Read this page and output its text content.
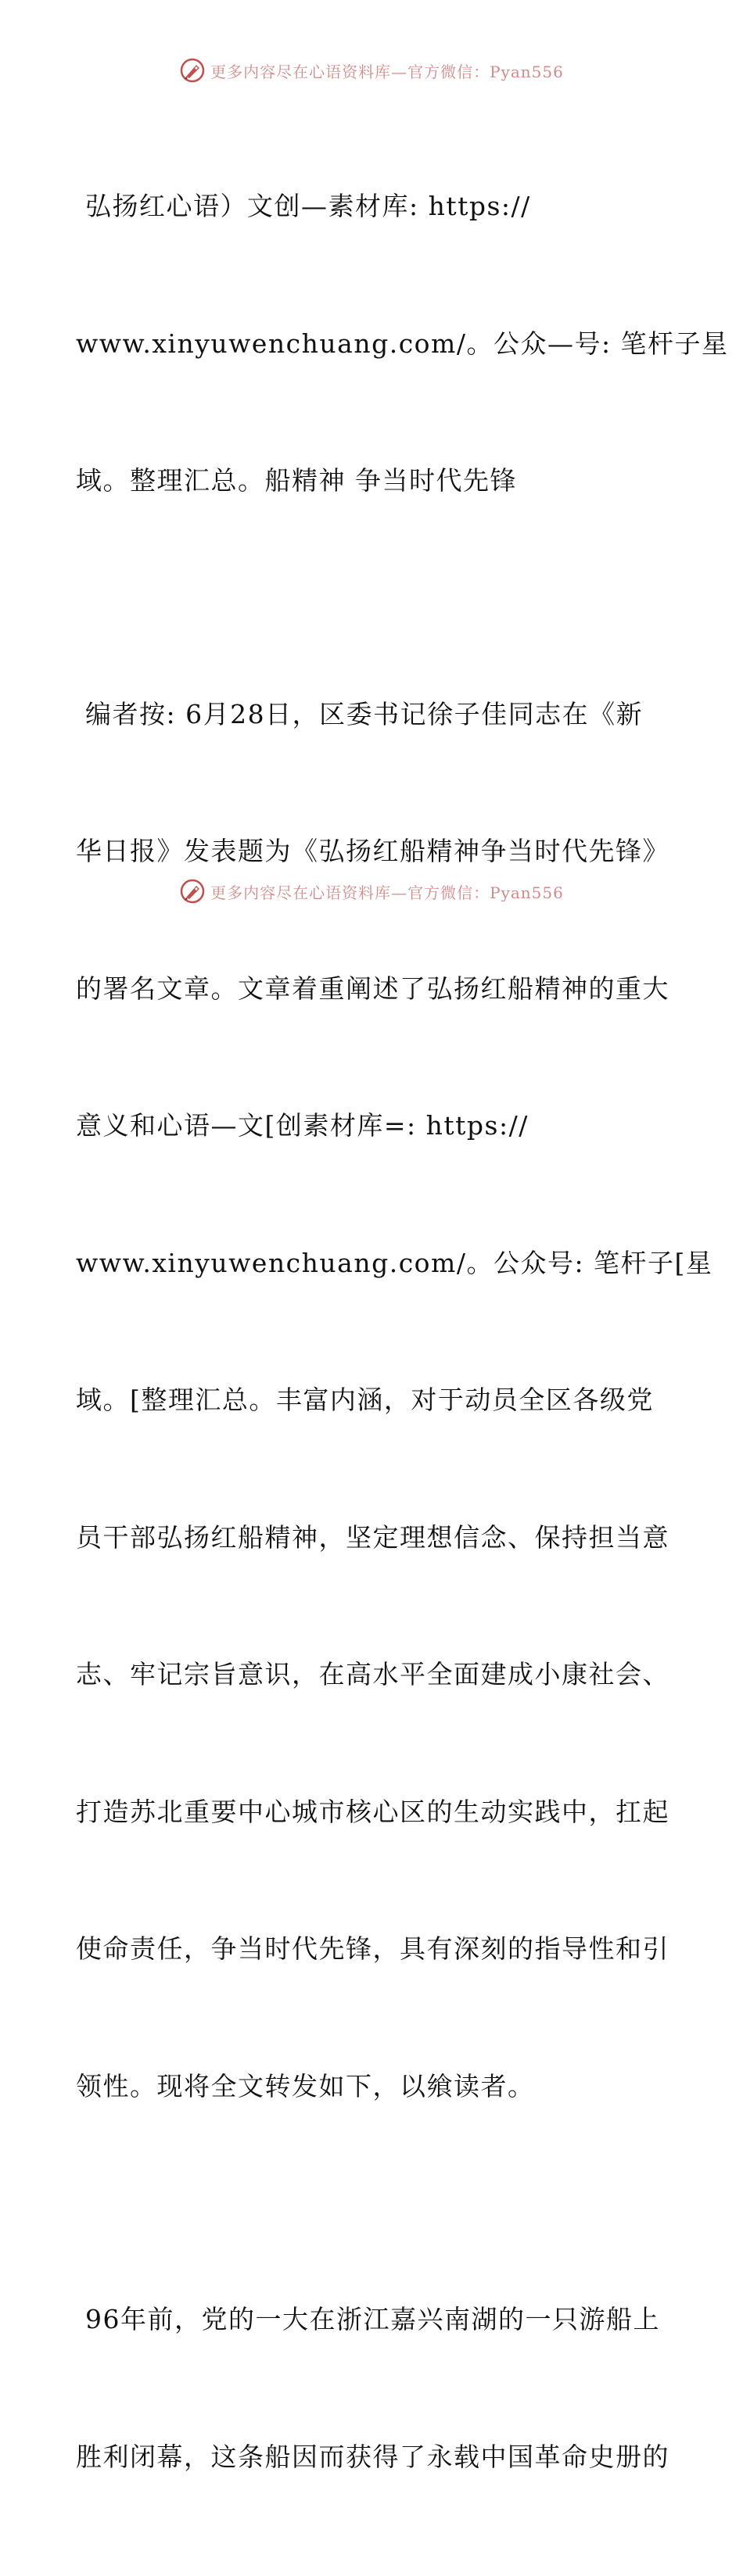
更多内容尽在心语资料库—官方微信：Pyan556

弘扬红心语）文创—素材库: https://

www.xinyuwenchuang.com/。公众—号: 笔杆子星

域。整理汇总。船精神 争当时代先锋

编者按: 6月28日，区委书记徐子佳同志在《新

华日报》发表题为《弘扬红船精神争当时代先锋》

的署名文章。文章着重阐述了弘扬红船精神的重大

意义和心语—文[创素材库=: https://

www.xinyuwenchuang.com/。公众号: 笔杆子[星

域。[整理汇总。丰富内涵，对于动员全区各级党

员干部弘扬红船精神，坚定理想信念、保持担当意

志、牢记宗旨意识，在高水平全面建成小康社会、

打造苏北重要中心城市核心区的生动实践中，扛起

使命责任，争当时代先锋，具有深刻的指导性和引

领性。现将全文转发如下，以飨读者。

96年前，党的一大在浙江嘉兴南湖的一只游船上

胜利闭幕，这条船因而获得了永载中国革命史册的

更多内容尽在心语资料库—官方微信：Pyan556
